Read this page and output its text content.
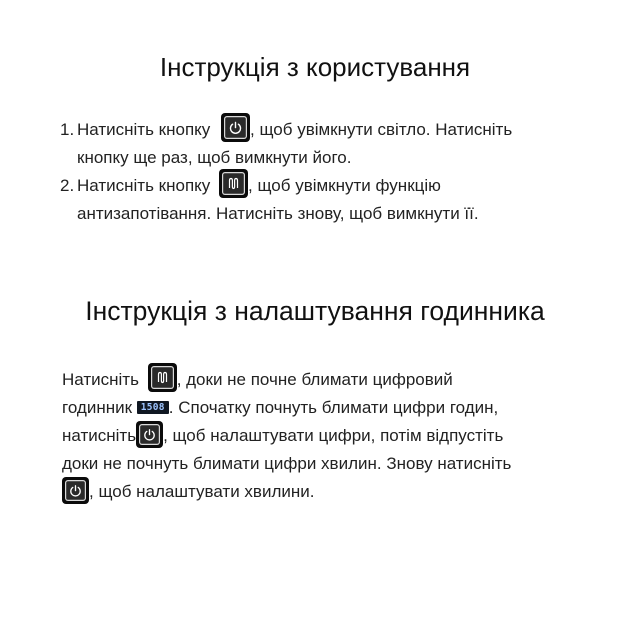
Інструкція з користування
1. Натисніть кнопку , щоб увімкнути світло. Натисніть
кнопку ще раз, щоб вимкнути його.
2. Натисніть кнопку , щоб увімкнути функцію
антизапотівання. Натисніть знову, щоб вимкнути її.
Інструкція з налаштування годинника
Натисніть , доки не почне блимати цифровий
годинник 1508 . Спочатку почнуть блимати цифри годин,
натисніть , щоб налаштувати цифри, потім відпустіть
доки не почнуть блимати цифри хвилин. Знову натисніть
, щоб налаштувати хвилини.
